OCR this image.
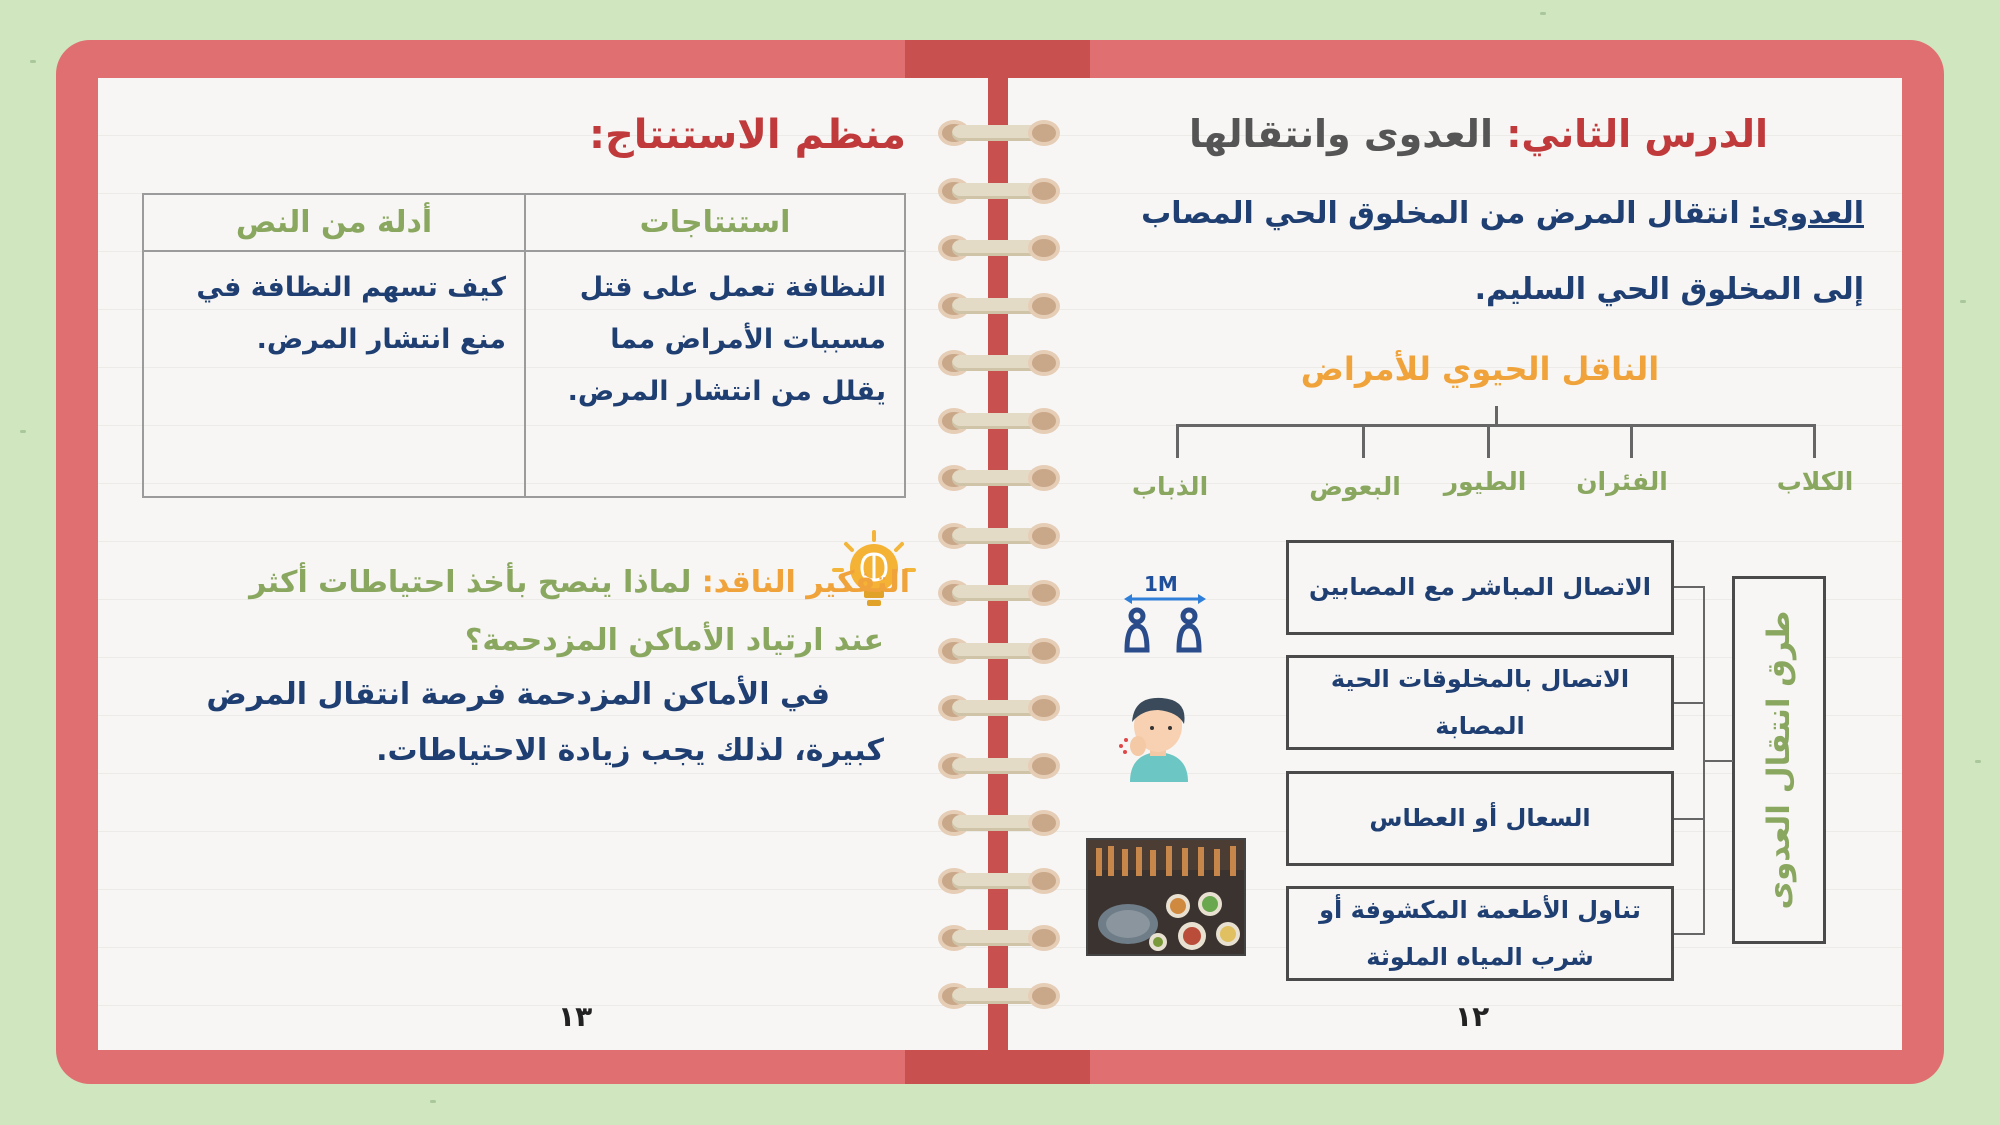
الدرس الثاني: العدوى وانتقالها
العدوى: انتقال المرض من المخلوق الحي المصاب
إلى المخلوق الحي السليم.
الناقل الحيوي للأمراض
الكلاب
الفئران
الطيور
البعوض
الذباب
طرق انتقال العدوى
الاتصال المباشر مع المصابين
الاتصال بالمخلوقات الحية المصابة
السعال أو العطاس
تناول الأطعمة المكشوفة أو شرب المياه الملوثة
1M
١٢
منظم الاستنتاج:
أدلة من النص	استنتاجات
كيف تسهم النظافة في منع انتشار المرض.	النظافة تعمل على قتل مسببات الأمراض مما يقلل من انتشار المرض.
التفكير الناقد: لماذا ينصح بأخذ احتياطات أكثر
عند ارتياد الأماكن المزدحمة؟
في الأماكن المزدحمة فرصة انتقال المرض
كبيرة، لذلك يجب زيادة الاحتياطات.
١٣
